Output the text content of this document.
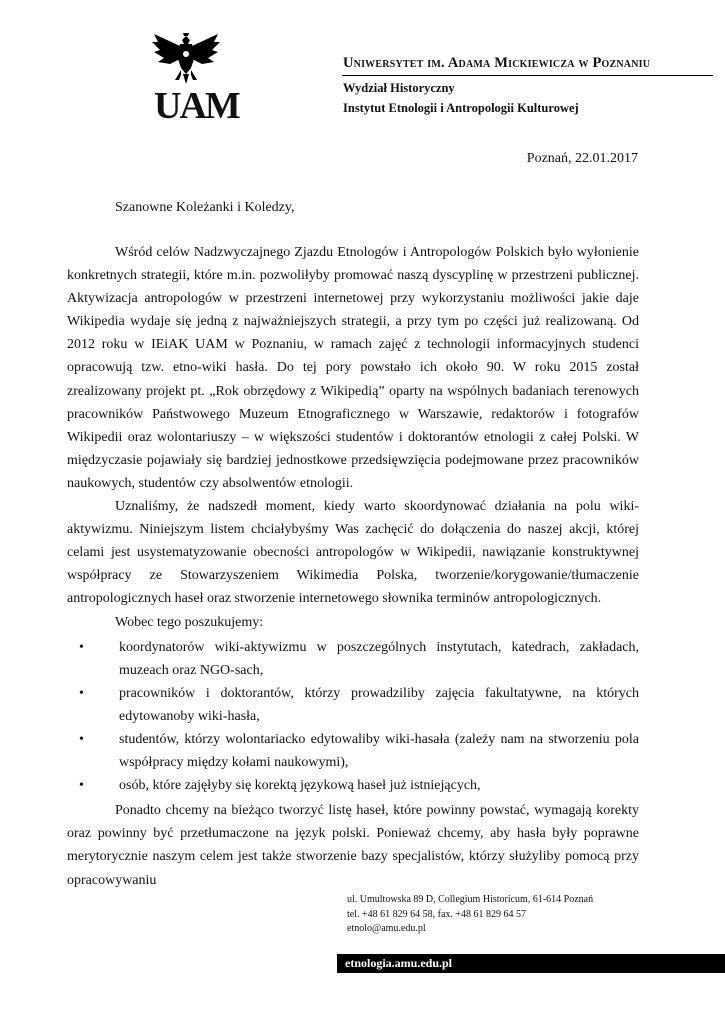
UAM
Uniwersytet im. Adama Mickiewicza w Poznaniu
Wydział Historyczny
Instytut Etnologii i Antropologii Kulturowej
Poznań, 22.01.2017
Szanowne Koleżanki i Koledzy,

Wśród celów Nadzwyczajnego Zjazdu Etnologów i Antropologów Polskich było wyłonienie konkretnych strategii, które m.in. pozwoliłyby promować naszą dyscyplinę w przestrzeni publicznej. Aktywizacja antropologów w przestrzeni internetowej przy wykorzystaniu możliwości jakie daje Wikipedia wydaje się jedną z najważniejszych strategii, a przy tym po części już realizowaną. Od 2012 roku w IEiAK UAM w Poznaniu, w ramach zajęć z technologii informacyjnych studenci opracowują tzw. etno-wiki hasła. Do tej pory powstało ich około 90. W roku 2015 został zrealizowany projekt pt. „Rok obrzędowy z Wikipedią” oparty na wspólnych badaniach terenowych pracowników Państwowego Muzeum Etnograficznego w Warszawie, redaktorów i fotografów Wikipedii oraz wolontariuszy – w większości studentów i doktorantów etnologii z całej Polski. W międzyczasie pojawiały się bardziej jednostkowe przedsięwzięcia podejmowane przez pracowników naukowych, studentów czy absolwentów etnologii.

Uznaliśmy, że nadszedł moment, kiedy warto skoordynować działania na polu wiki-aktywizmu. Niniejszym listem chciałybyśmy Was zachęcić do dołączenia do naszej akcji, której celami jest usystematyzowanie obecności antropologów w Wikipedii, nawiązanie konstruktywnej współpracy ze Stowarzyszeniem Wikimedia Polska, tworzenie/korygowanie/tłumaczenie antropologicznych haseł oraz stworzenie internetowego słownika terminów antropologicznych.

Wobec tego poszukujemy:

•	koordynatorów wiki-aktywizmu w poszczególnych instytutach, katedrach, zakładach, muzeach oraz NGO-sach,
•	pracowników i doktorantów, którzy prowadziliby zajęcia fakultatywne, na których edytowanoby wiki-hasła,
•	studentów, którzy wolontariacko edytowaliby wiki-hasała (zależy nam na stworzeniu pola współpracy między kołami naukowymi),
•	osób, które zajęłyby się korektą językową haseł już istniejących,

Ponadto chcemy na bieżąco tworzyć listę haseł, które powinny powstać, wymagają korekty oraz powinny być przetłumaczone na język polski. Ponieważ chcemy, aby hasła były poprawne merytorycznie naszym celem jest także stworzenie bazy specjalistów, którzy służyliby pomocą przy opracowywaniu

ul. Umultowska 89 D, Collegium Historicum, 61-614 Poznań
tel. +48 61 829 64 58, fax. +48 61 829 64 57
etnolo@amu.edu.pl
etnologia.amu.edu.pl
